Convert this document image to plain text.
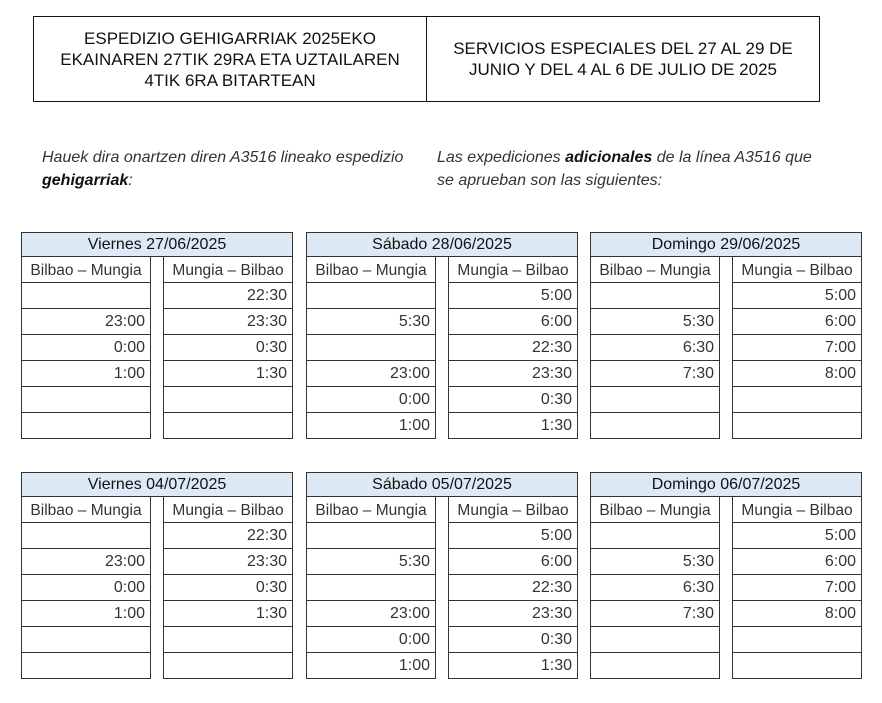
ESPEDIZIO GEHIGARRIAK 2025EKO EKAINAREN 27TIK 29RA ETA UZTAILAREN 4TIK 6RA BITARTEAN
SERVICIOS ESPECIALES DEL 27 AL 29 DE JUNIO Y DEL 4 AL 6 DE JULIO DE 2025
Hauek dira onartzen diren A3516 lineako espedizio gehigarriak:
Las expediciones adicionales de la línea A3516 que se aprueban son las siguientes:
Viernes 27/06/2025
Bilbao – Mungia
23:00
0:00
1:00
Mungia – Bilbao
22:30
23:30
0:30
1:30
Sábado 28/06/2025
Bilbao – Mungia
5:30
23:00
0:00
1:00
Mungia – Bilbao
5:00
6:00
22:30
23:30
0:30
1:30
Domingo 29/06/2025
Bilbao – Mungia
5:30
6:30
7:30
Mungia – Bilbao
5:00
6:00
7:00
8:00
Viernes 04/07/2025
Bilbao – Mungia
23:00
0:00
1:00
Mungia – Bilbao
22:30
23:30
0:30
1:30
Sábado 05/07/2025
Bilbao – Mungia
5:30
23:00
0:00
1:00
Mungia – Bilbao
5:00
6:00
22:30
23:30
0:30
1:30
Domingo 06/07/2025
Bilbao – Mungia
5:30
6:30
7:30
Mungia – Bilbao
5:00
6:00
7:00
8:00
